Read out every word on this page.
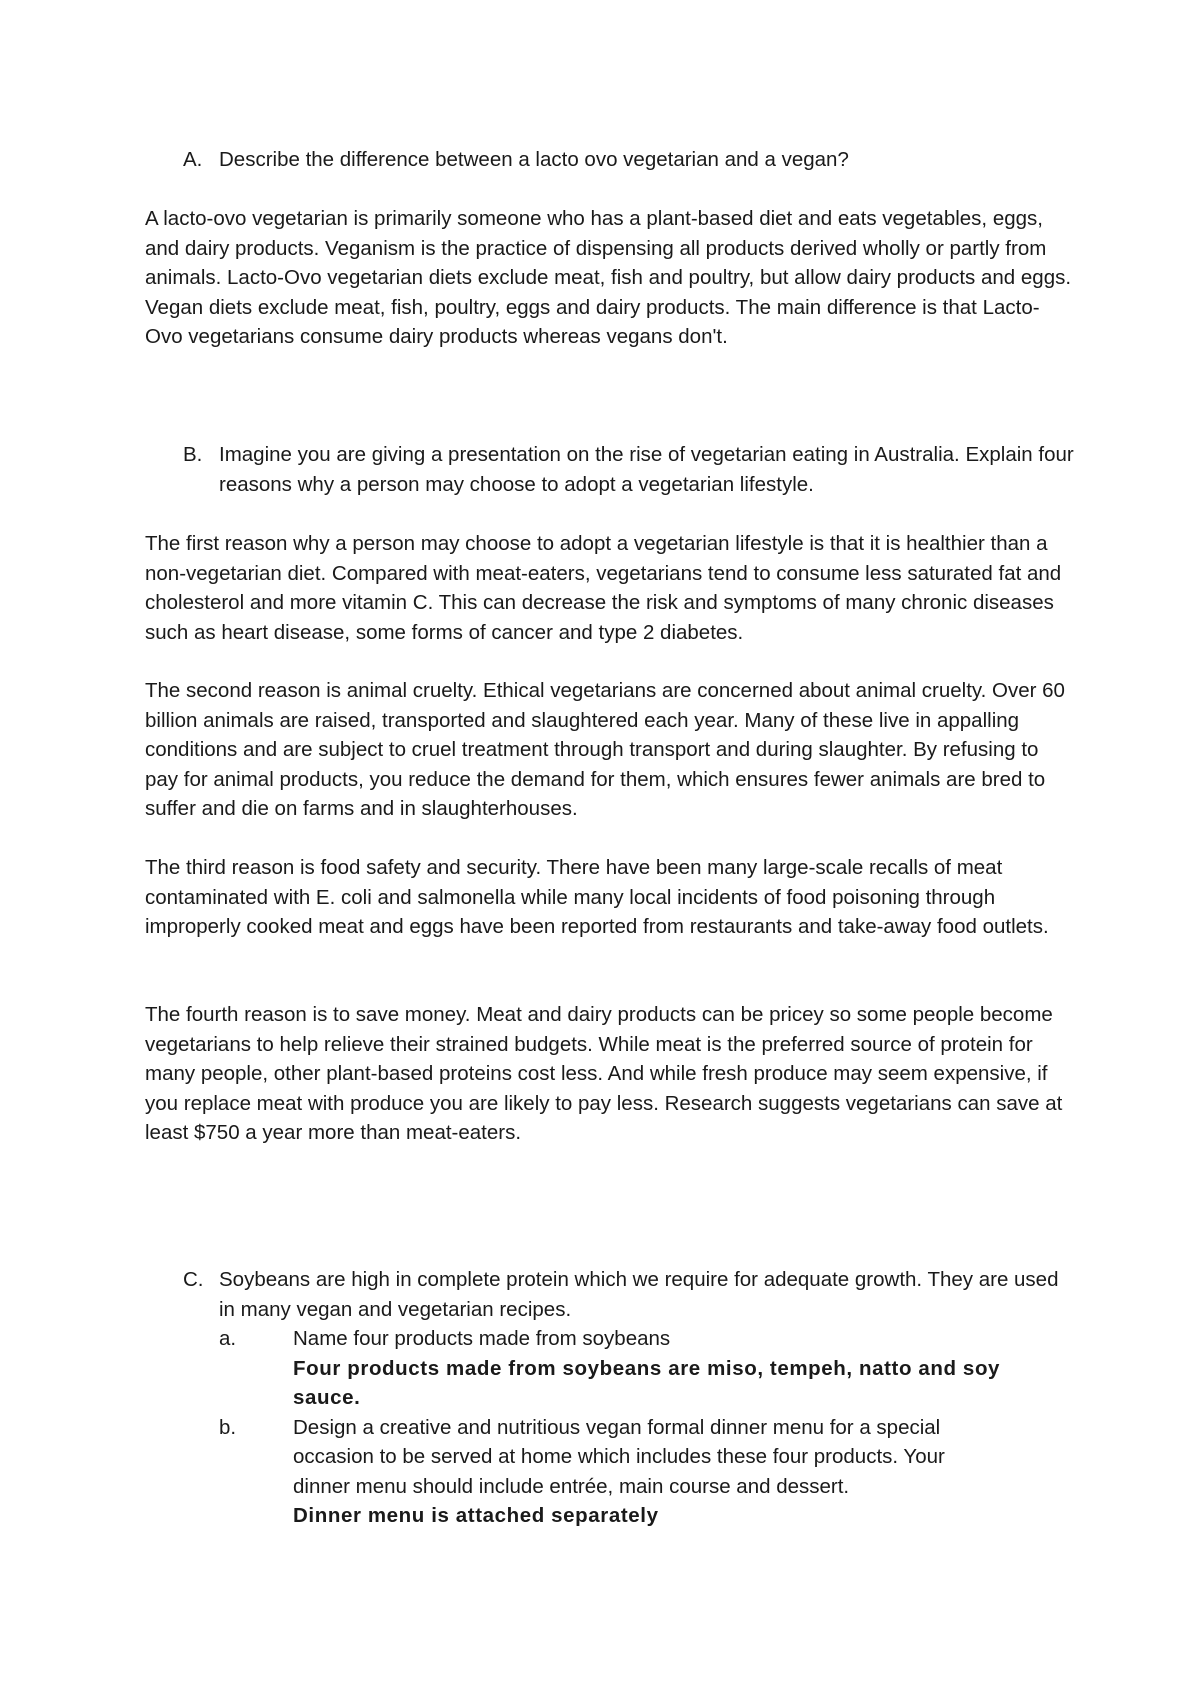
A. Describe the difference between a lacto ovo vegetarian and a vegan?

A lacto-ovo vegetarian is primarily someone who has a plant-based diet and eats vegetables, eggs, and dairy products. Veganism is the practice of dispensing all products derived wholly or partly from animals. Lacto-Ovo vegetarian diets exclude meat, fish and poultry, but allow dairy products and eggs. Vegan diets exclude meat, fish, poultry, eggs and dairy products. The main difference is that Lacto-Ovo vegetarians consume dairy products whereas vegans don't.

B. Imagine you are giving a presentation on the rise of vegetarian eating in Australia. Explain four reasons why a person may choose to adopt a vegetarian lifestyle.

The first reason why a person may choose to adopt a vegetarian lifestyle is that it is healthier than a non-vegetarian diet. Compared with meat-eaters, vegetarians tend to consume less saturated fat and cholesterol and more vitamin C. This can decrease the risk and symptoms of many chronic diseases such as heart disease, some forms of cancer and type 2 diabetes.

The second reason is animal cruelty. Ethical vegetarians are concerned about animal cruelty. Over 60 billion animals are raised, transported and slaughtered each year. Many of these live in appalling conditions and are subject to cruel treatment through transport and during slaughter. By refusing to pay for animal products, you reduce the demand for them, which ensures fewer animals are bred to suffer and die on farms and in slaughterhouses.

The third reason is food safety and security. There have been many large-scale recalls of meat contaminated with E. coli and salmonella while many local incidents of food poisoning through improperly cooked meat and eggs have been reported from restaurants and take-away food outlets.

The fourth reason is to save money. Meat and dairy products can be pricey so some people become vegetarians to help relieve their strained budgets. While meat is the preferred source of protein for many people, other plant-based proteins cost less. And while fresh produce may seem expensive, if you replace meat with produce you are likely to pay less. Research suggests vegetarians can save at least $750 a year more than meat-eaters.

C. Soybeans are high in complete protein which we require for adequate growth. They are used in many vegan and vegetarian recipes.

a.	Name four products made from soybeans

Four products made from soybeans are miso, tempeh, natto and soy sauce.

b.	Design a creative and nutritious vegan formal dinner menu for a special occasion to be served at home which includes these four products. Your dinner menu should include entrée, main course and dessert.

Dinner menu is attached separately
